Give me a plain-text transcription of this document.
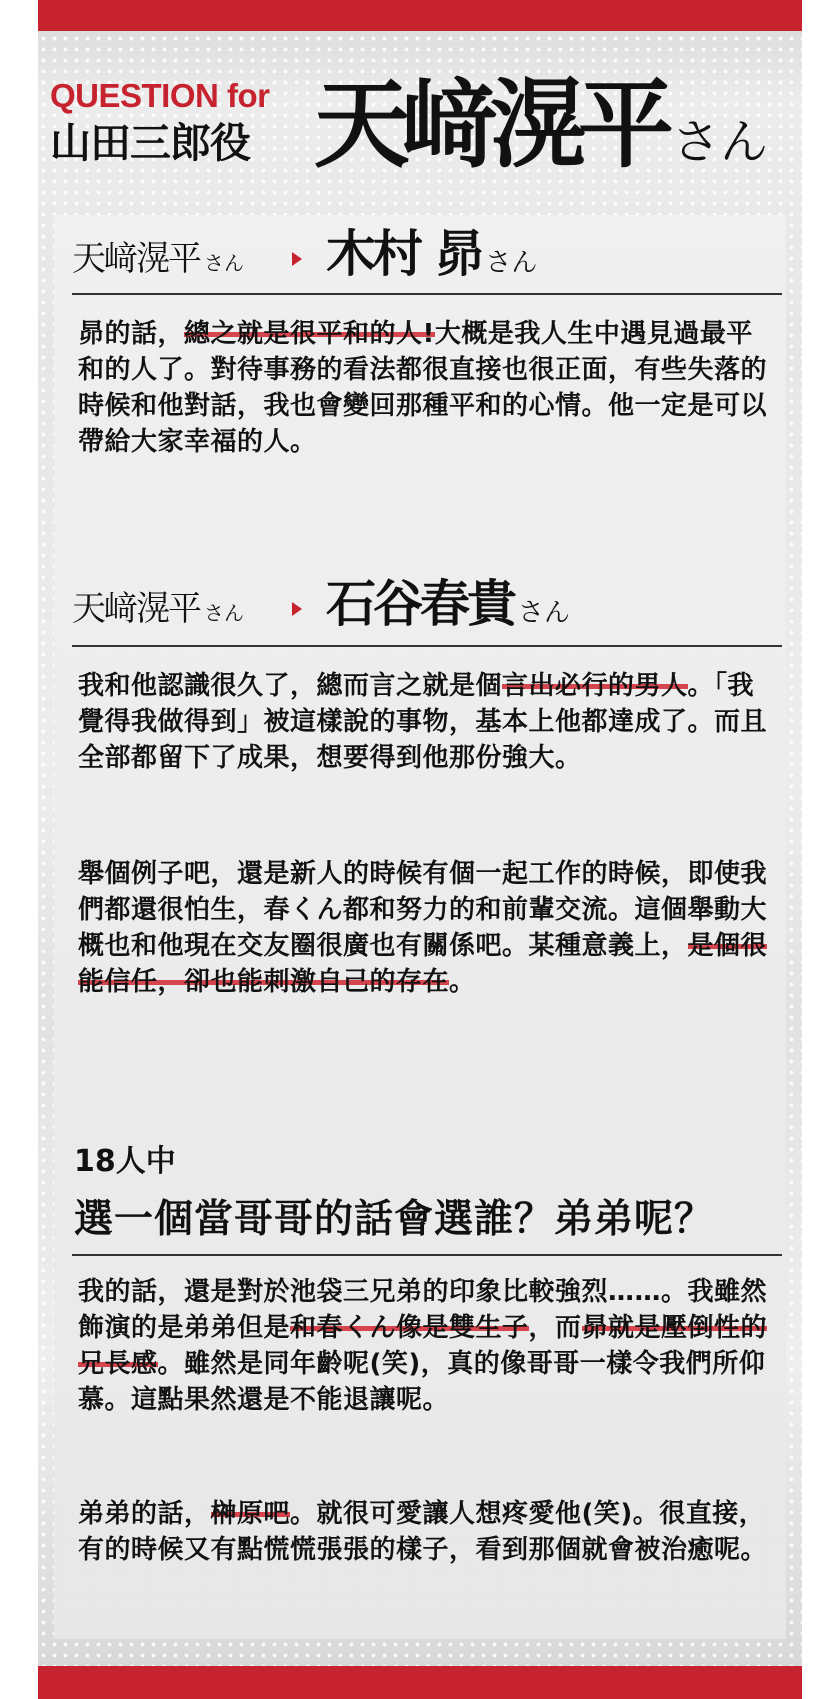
QUESTION for
山田三郎役 天﨑滉平 さん
天﨑滉平 さん 木村 昴 さん
昴的話，總之就是很平和的人!大概是我人生中遇見過最平和的人了。對待事務的看法都很直接也很正面，有些失落的時候和他對話，我也會變回那種平和的心情。他一定是可以帶給大家幸福的人。
天﨑滉平 さん 石谷春貴 さん
我和他認識很久了，總而言之就是個言出必行的男人。「我覺得我做得到」被這樣說的事物，基本上他都達成了。而且全部都留下了成果，想要得到他那份強大。
舉個例子吧，還是新人的時候有個一起工作的時候，即使我們都還很怕生，春くん都和努力的和前輩交流。這個舉動大概也和他現在交友圈很廣也有關係吧。某種意義上，是個很能信任，卻也能刺激自己的存在。
18人中
選一個當哥哥的話會選誰？弟弟呢？
我的話，還是對於池袋三兄弟的印象比較強烈……。我雖然飾演的是弟弟但是和春くん像是雙生子，而昴就是壓倒性的兄長感。雖然是同年齡呢(笑)，真的像哥哥一樣令我們所仰慕。這點果然還是不能退讓呢。
弟弟的話，榊原吧。就很可愛讓人想疼愛他(笑)。很直接，有的時候又有點慌慌張張的樣子，看到那個就會被治癒呢。
